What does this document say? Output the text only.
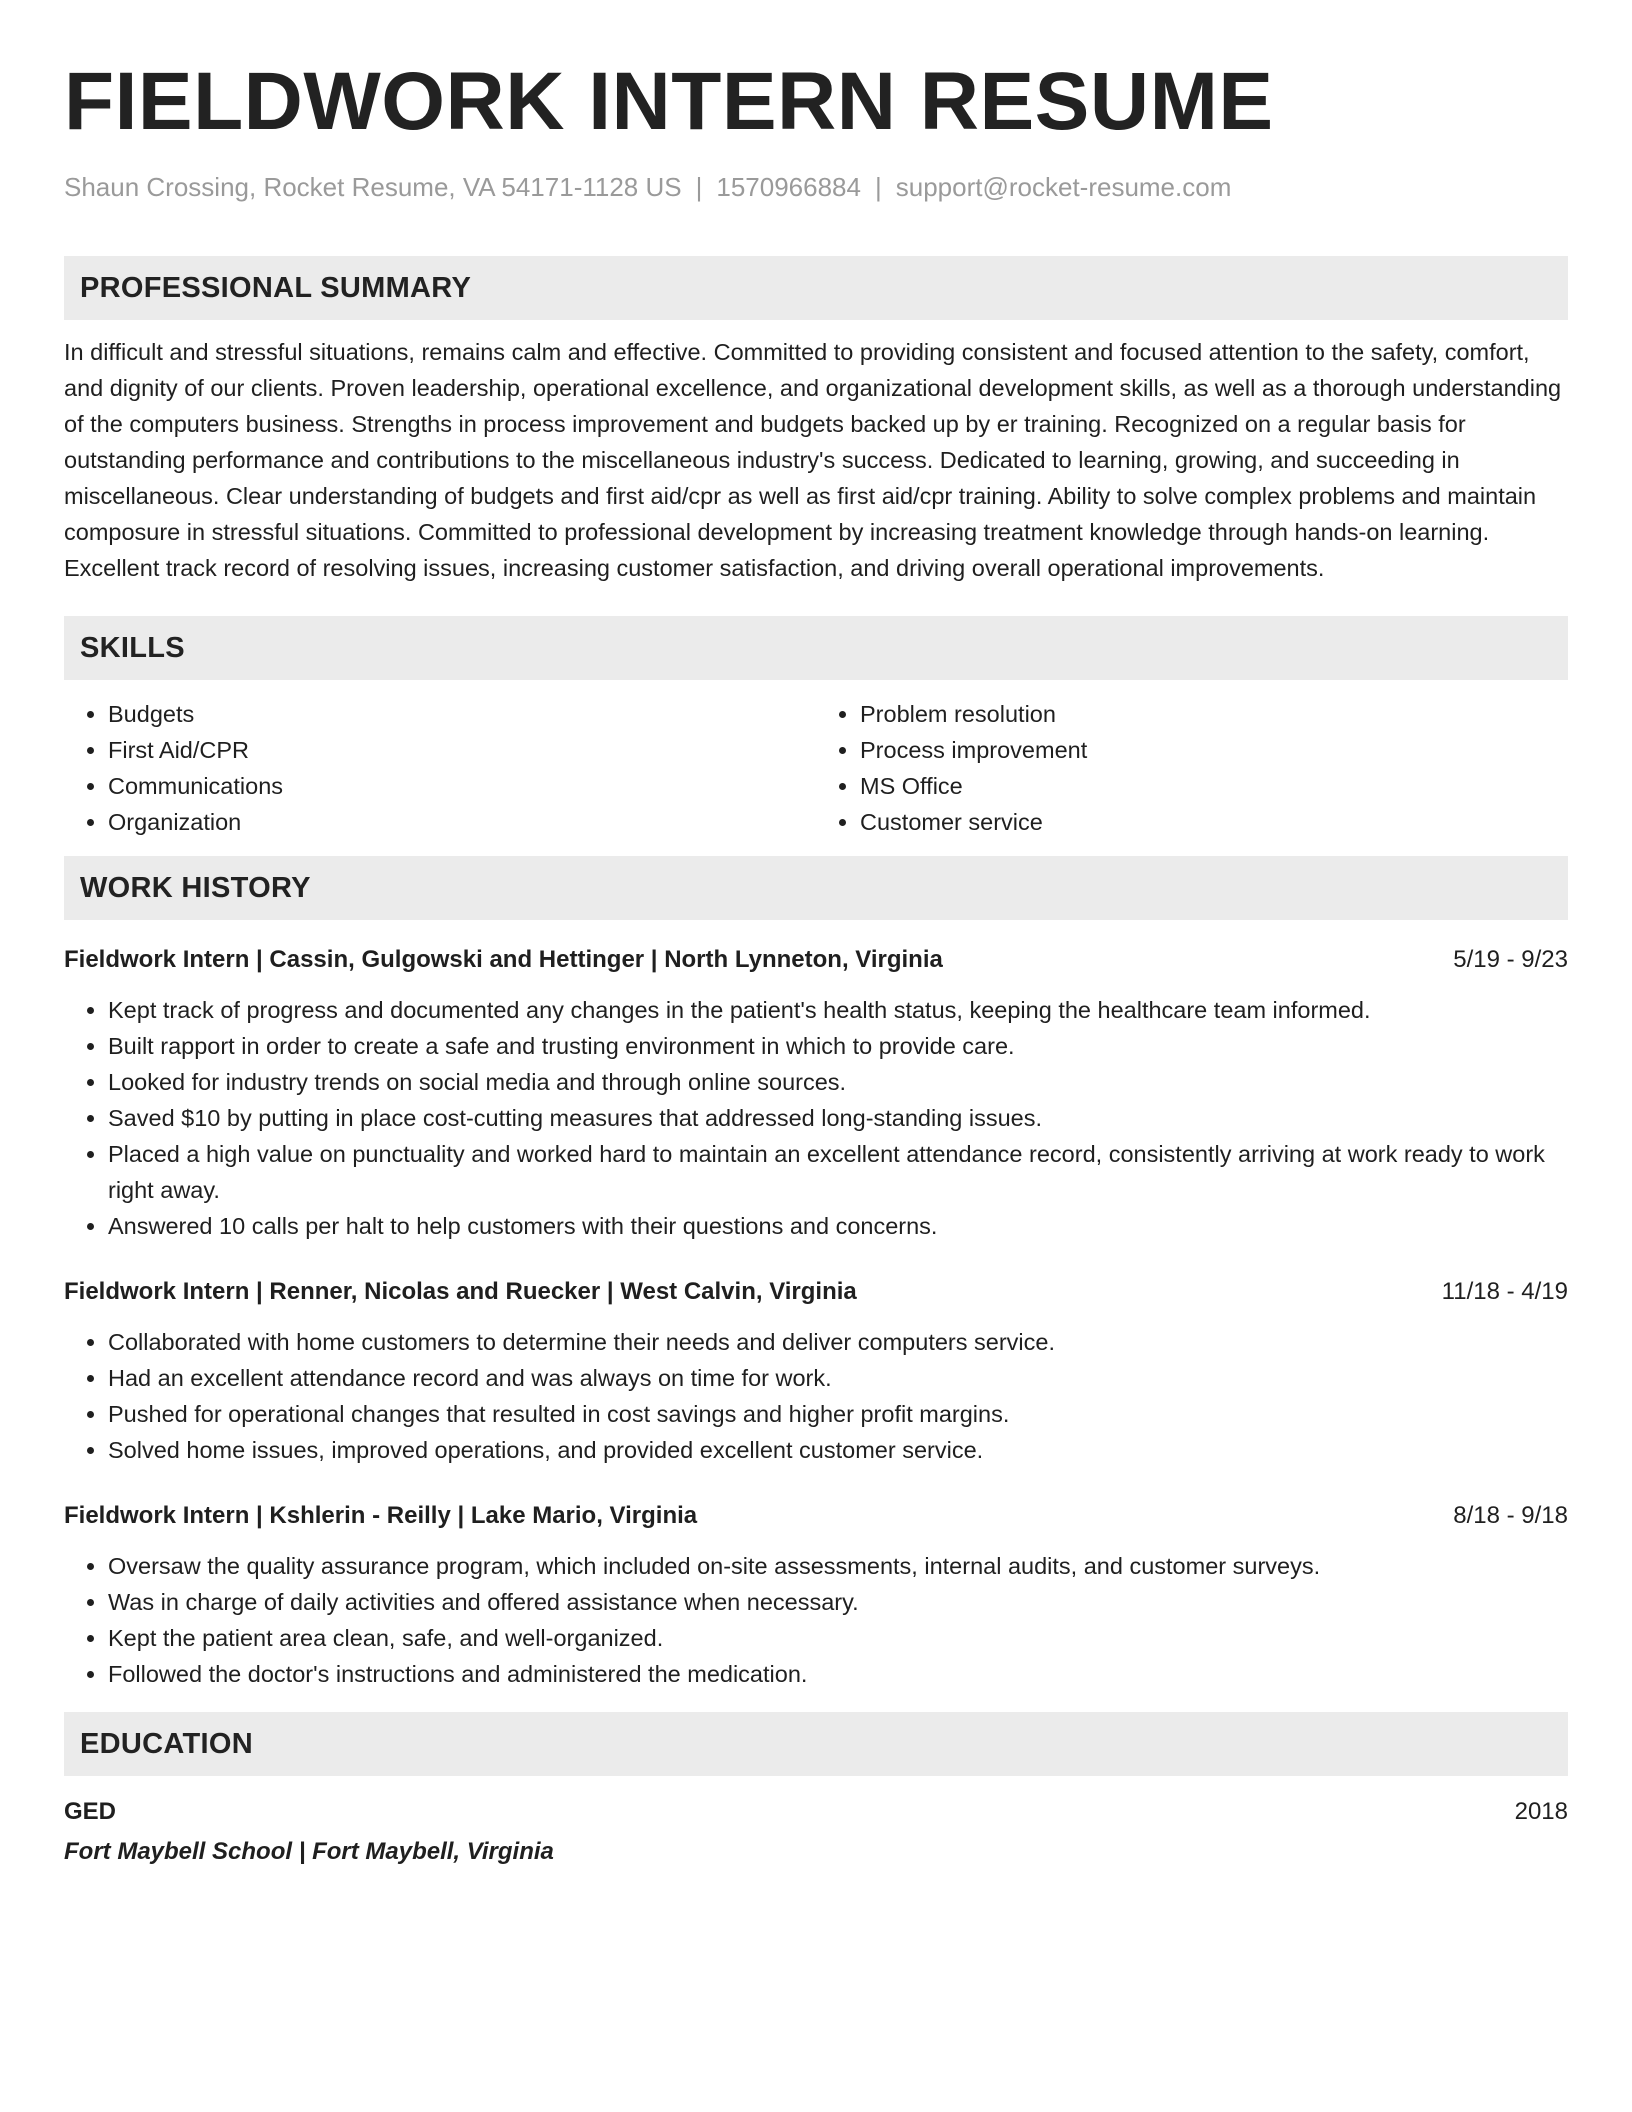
FIELDWORK INTERN RESUME
Shaun Crossing, Rocket Resume, VA 54171-1128 US | 1570966884 | support@rocket-resume.com
PROFESSIONAL SUMMARY

In difficult and stressful situations, remains calm and effective. Committed to providing consistent and focused attention to the safety, comfort, and dignity of our clients. Proven leadership, operational excellence, and organizational development skills, as well as a thorough understanding of the computers business. Strengths in process improvement and budgets backed up by er training. Recognized on a regular basis for outstanding performance and contributions to the miscellaneous industry's success. Dedicated to learning, growing, and succeeding in miscellaneous. Clear understanding of budgets and first aid/cpr as well as first aid/cpr training. Ability to solve complex problems and maintain composure in stressful situations. Committed to professional development by increasing treatment knowledge through hands-on learning. Excellent track record of resolving issues, increasing customer satisfaction, and driving overall operational improvements.

SKILLS
• Budgets
• First Aid/CPR
• Communications
• Organization
• Problem resolution
• Process improvement
• MS Office
• Customer service
WORK HISTORY
Fieldwork Intern | Cassin, Gulgowski and Hettinger | North Lynneton, Virginia	5/19 - 9/23
• Kept track of progress and documented any changes in the patient's health status, keeping the healthcare team informed.
• Built rapport in order to create a safe and trusting environment in which to provide care.
• Looked for industry trends on social media and through online sources.
• Saved $10 by putting in place cost-cutting measures that addressed long-standing issues.
• Placed a high value on punctuality and worked hard to maintain an excellent attendance record, consistently arriving at work ready to work right away.
• Answered 10 calls per halt to help customers with their questions and concerns.
Fieldwork Intern | Renner, Nicolas and Ruecker | West Calvin, Virginia	11/18 - 4/19
• Collaborated with home customers to determine their needs and deliver computers service.
• Had an excellent attendance record and was always on time for work.
• Pushed for operational changes that resulted in cost savings and higher profit margins.
• Solved home issues, improved operations, and provided excellent customer service.
Fieldwork Intern | Kshlerin - Reilly | Lake Mario, Virginia	8/18 - 9/18
• Oversaw the quality assurance program, which included on-site assessments, internal audits, and customer surveys.
• Was in charge of daily activities and offered assistance when necessary.
• Kept the patient area clean, safe, and well-organized.
• Followed the doctor's instructions and administered the medication.
EDUCATION
GED	2018
Fort Maybell School | Fort Maybell, Virginia
